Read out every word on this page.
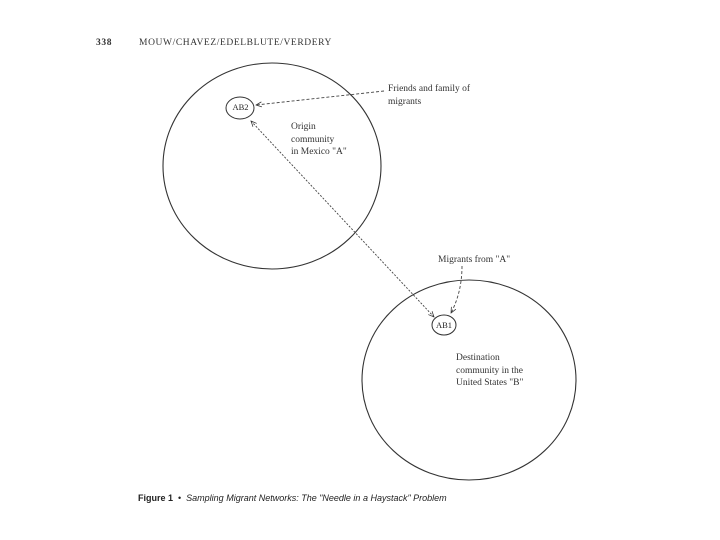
338	MOUW/CHAVEZ/EDELBLUTE/VERDERY
AB2
AB1
Friends and family of
migrants
Origin
community
in Mexico "A"
Migrants from "A"
Destination
community in the
United States "B"
Figure 1 • Sampling Migrant Networks: The "Needle in a Haystack" Problem
